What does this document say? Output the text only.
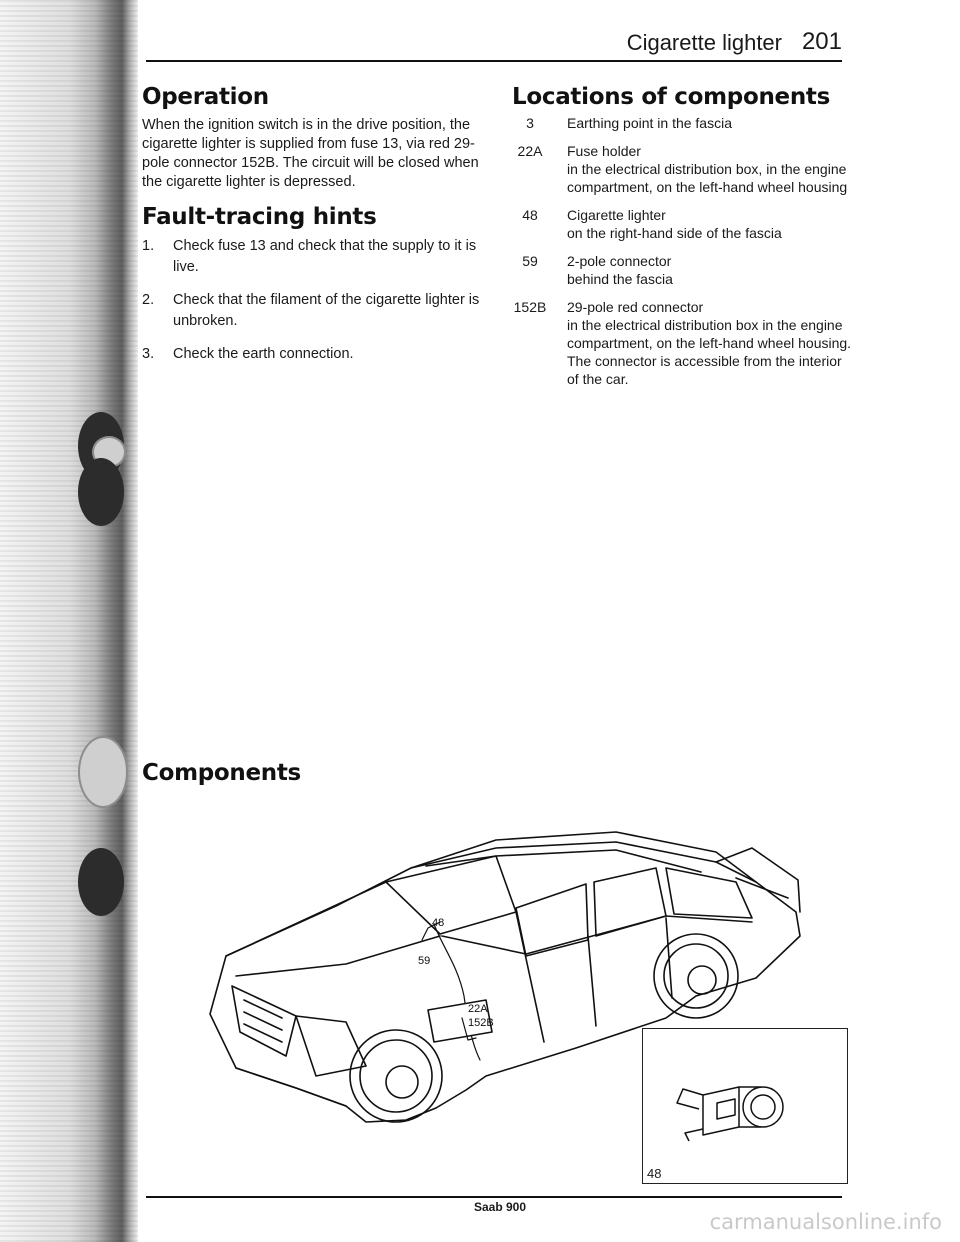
Cigarette lighter 201
Operation
When the ignition switch is in the drive position, the cigarette lighter is supplied from fuse 13, via red 29-pole connector 152B. The circuit will be closed when the cigarette lighter is depressed.
Fault-tracing hints
1. Check fuse 13 and check that the supply to it is live.
2. Check that the filament of the cigarette lighter is unbroken.
3. Check the earth connection.
Locations of components
3	Earthing point in the fascia
22A	Fuse holder
in the electrical distribution box, in the engine compartment, on the left-hand wheel housing
48	Cigarette lighter
on the right-hand side of the fascia
59	2-pole connector
behind the fascia
152B 29-pole red connector
in the electrical distribution box in the engine compartment, on the left-hand wheel housing. The connector is accessible from the interior of the car.
Components
48
59
22A
152B
48
Saab 900
carmanualsonline.info
